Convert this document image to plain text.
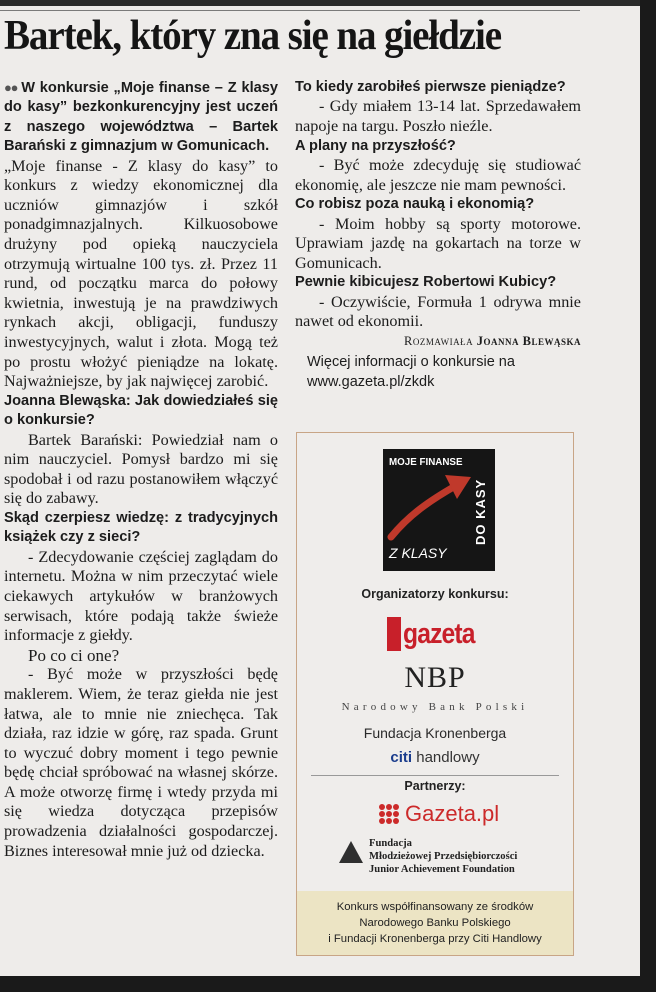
Bartek, który zna się na giełdzie

●● W konkursie „Moje finanse – Z klasy do kasy” bezkonkurencyjny jest uczeń z naszego województwa – Bartek Barański z gimnazjum w Gomunicach.

„Moje finanse - Z klasy do kasy” to konkurs z wiedzy ekonomicznej dla uczniów gimnazjów i szkół ponadgimnazjalnych. Kilkuosobowe drużyny pod opieką nauczyciela otrzymują wirtualne 100 tys. zł. Przez 11 rund, od początku marca do połowy kwietnia, inwestują je na prawdziwych rynkach akcji, obligacji, funduszy inwestycyjnych, walut i złota. Mogą też po prostu włożyć pieniądze na lokatę. Najważniejsze, by jak najwięcej zarobić.

Joanna Blewąska: Jak dowiedziałeś się o konkursie?

Bartek Barański: Powiedział nam o nim nauczyciel. Pomysł bardzo mi się spodobał i od razu postanowiłem włączyć się do zabawy.

Skąd czerpiesz wiedzę: z tradycyjnych książek czy z sieci?

- Zdecydowanie częściej zaglądam do internetu. Można w nim przeczytać wiele ciekawych artykułów w branżowych serwisach, które podają także świeże informacje z giełdy.

Po co ci one?

- Być może w przyszłości będę maklerem. Wiem, że teraz giełda nie jest łatwa, ale to mnie nie zniechęca. Tak działa, raz idzie w górę, raz spada. Grunt to wyczuć dobry moment i tego pewnie będę chciał spróbować na własnej skórze. A może otworzę firmę i wtedy przyda mi się wiedza dotycząca przepisów prowadzenia działalności gospodarczej. Biznes interesował mnie już od dziecka.

To kiedy zarobiłeś pierwsze pieniądze?

- Gdy miałem 13-14 lat. Sprzedawałem napoje na targu. Poszło nieźle.

A plany na przyszłość?

- Być może zdecyduję się studiować ekonomię, ale jeszcze nie mam pewności.

Co robisz poza nauką i ekonomią?

- Moim hobby są sporty motorowe. Uprawiam jazdę na gokartach na torze w Gomunicach.

Pewnie kibicujesz Robertowi Kubicy?

- Oczywiście, Formuła 1 odrywa mnie nawet od ekonomii.

Rozmawiała Joanna Blewąska

Więcej informacji o konkursie na www.gazeta.pl/zkdk

MOJE FINANSE
Z KLASY
DO KASY
Organizatorzy konkursu:
gazeta
NBP
Narodowy Bank Polski
Fundacja Kronenberga
citi handlowy
Partnerzy:
Gazeta.pl
Fundacja
Młodzieżowej Przedsiębiorczości
Junior Achievement Foundation
Konkurs współfinansowany ze środków
Narodowego Banku Polskiego
i Fundacji Kronenberga przy Citi Handlowy
